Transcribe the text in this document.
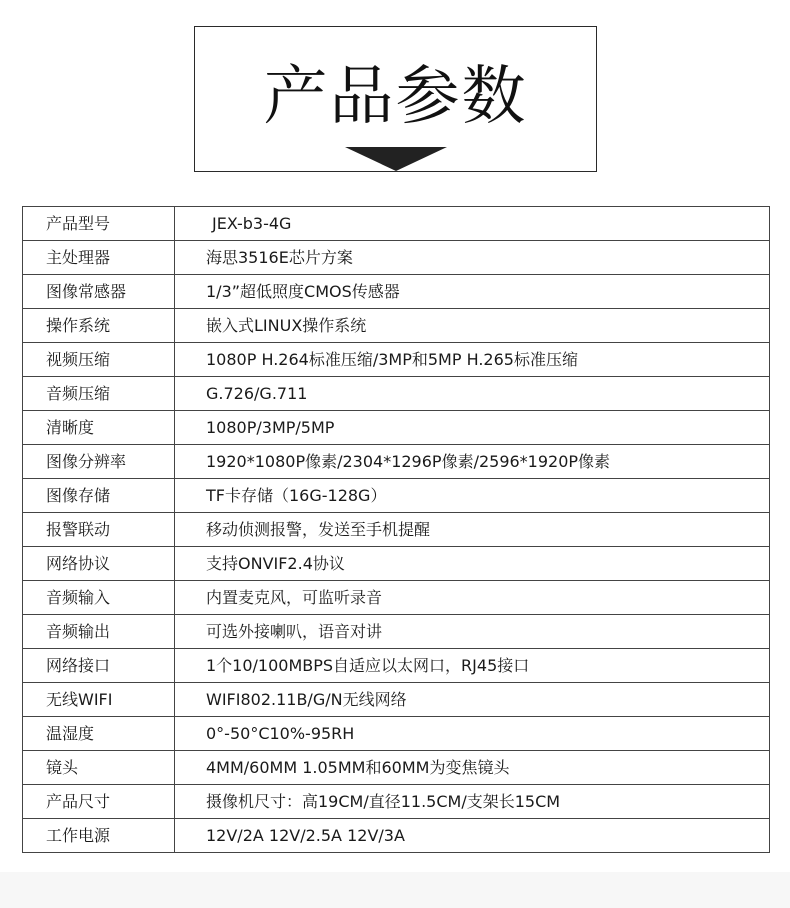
产品参数
产品型号	JEX-b3-4G
主处理器	海思3516E芯片方案
图像常感器	1/3”超低照度CMOS传感器
操作系统	嵌入式LINUX操作系统
视频压缩	1080P H.264标准压缩/3MP和5MP H.265标准压缩
音频压缩	G.726/G.711
清晰度	1080P/3MP/5MP
图像分辨率	1920*1080P像素/2304*1296P像素/2596*1920P像素
图像存储	TF卡存储（16G-128G）
报警联动	移动侦测报警，发送至手机提醒
网络协议	支持ONVIF2.4协议
音频输入	内置麦克风，可监听录音
音频输出	可选外接喇叭，语音对讲
网络接口	1个10/100MBPS自适应以太网口，RJ45接口
无线WIFI	WIFI802.11B/G/N无线网络
温湿度	0°-50°C10%-95RH
镜头	4MM/60MM 1.05MM和60MM为变焦镜头
产品尺寸	摄像机尺寸：高19CM/直径11.5CM/支架长15CM
工作电源	12V/2A 12V/2.5A 12V/3A
